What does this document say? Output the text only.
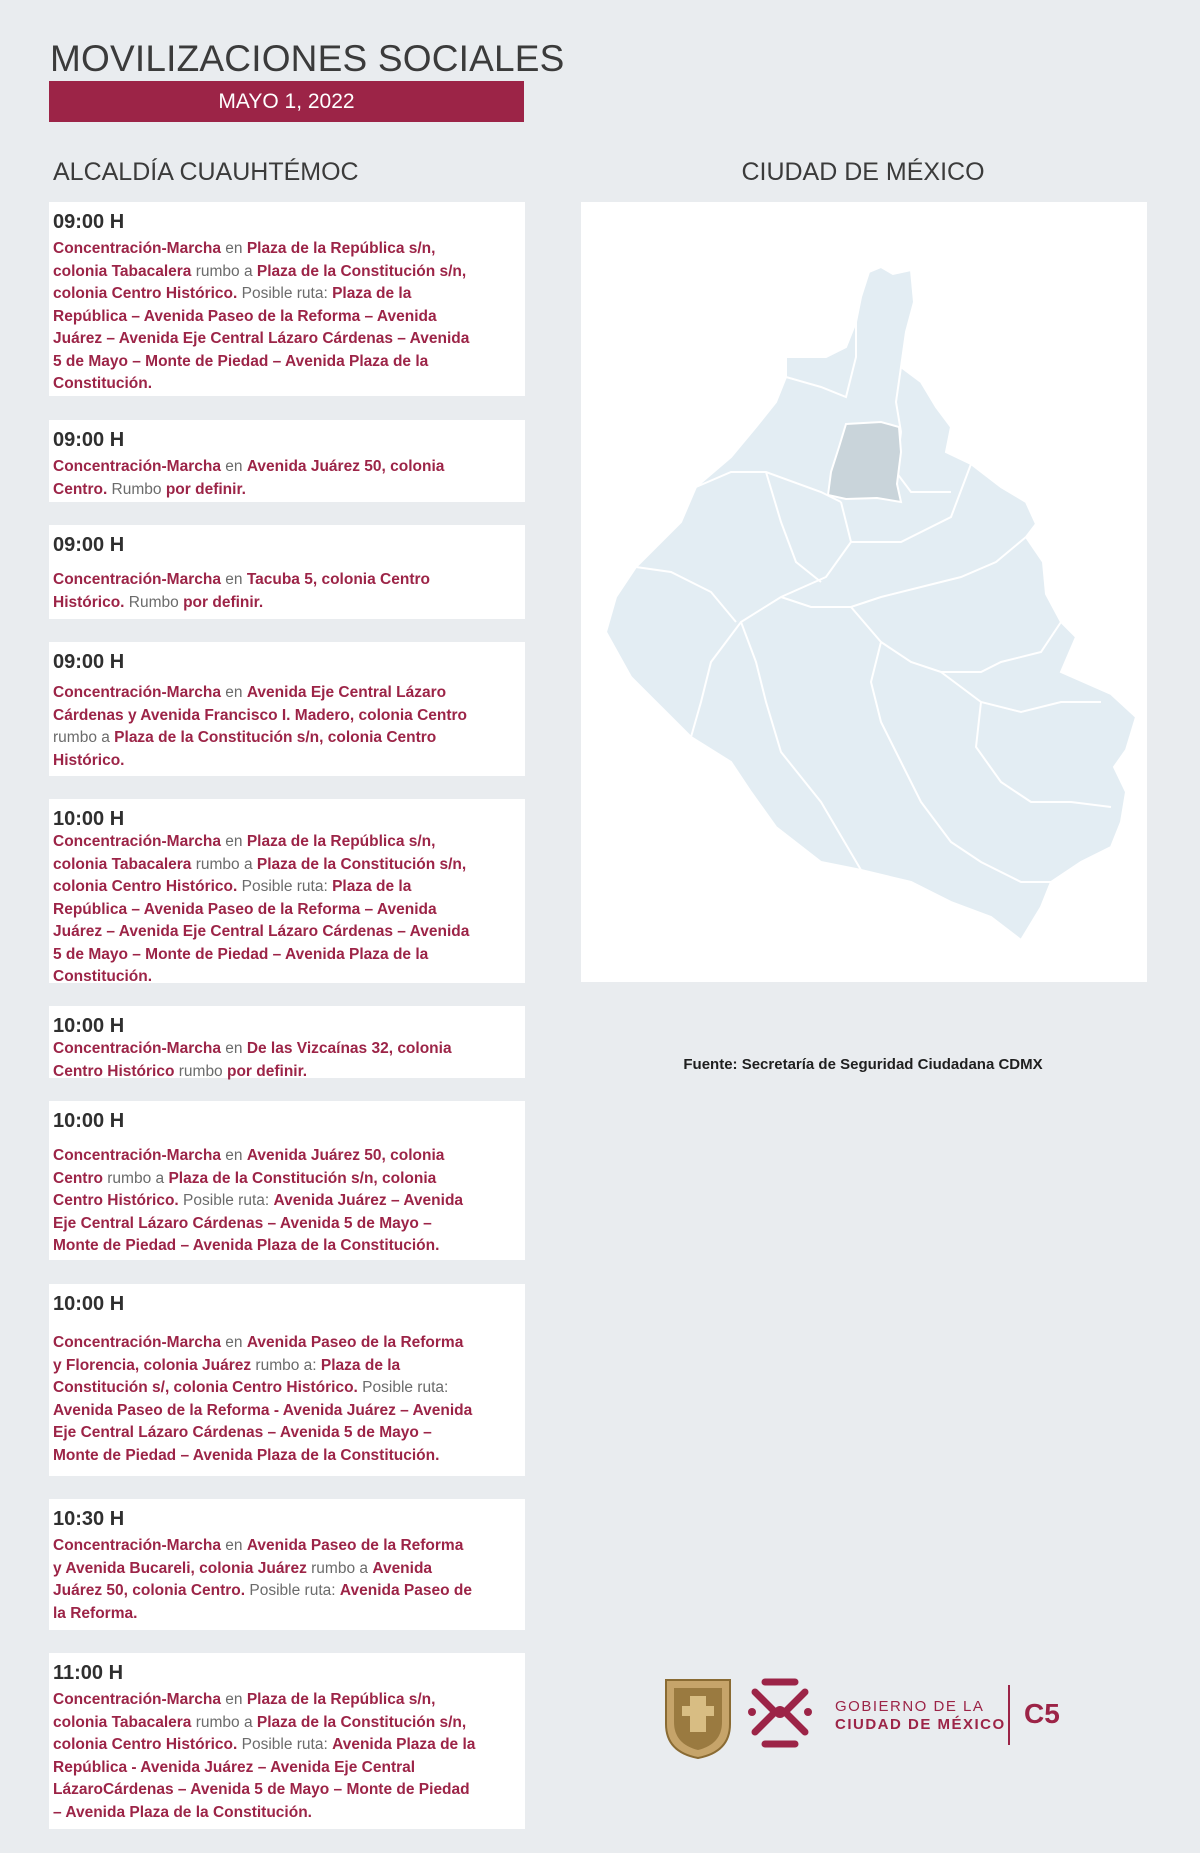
MOVILIZACIONES SOCIALES
MAYO 1, 2022
ALCALDÍA CUAUHTÉMOC	CIUDAD DE MÉXICO
09:00 H
Concentración-Marcha en Plaza de la República s/n,
colonia Tabacalera rumbo a Plaza de la Constitución s/n,
colonia Centro Histórico. Posible ruta: Plaza de la
República – Avenida Paseo de la Reforma – Avenida
Juárez – Avenida Eje Central Lázaro Cárdenas – Avenida
5 de Mayo – Monte de Piedad – Avenida Plaza de la
Constitución.
09:00 H
Concentración-Marcha en Avenida Juárez 50, colonia
Centro. Rumbo por definir.
09:00 H
Concentración-Marcha en Tacuba 5, colonia Centro
Histórico. Rumbo por definir.
09:00 H
Concentración-Marcha en Avenida Eje Central Lázaro
Cárdenas y Avenida Francisco I. Madero, colonia Centro
rumbo a Plaza de la Constitución s/n, colonia Centro
Histórico.
10:00 H
Concentración-Marcha en Plaza de la República s/n,
colonia Tabacalera rumbo a Plaza de la Constitución s/n,
colonia Centro Histórico. Posible ruta: Plaza de la
República – Avenida Paseo de la Reforma – Avenida
Juárez – Avenida Eje Central Lázaro Cárdenas – Avenida
5 de Mayo – Monte de Piedad – Avenida Plaza de la
Constitución.
10:00 H
Concentración-Marcha en De las Vizcaínas 32, colonia
Centro Histórico rumbo por definir.
10:00 H
Concentración-Marcha en Avenida Juárez 50, colonia
Centro rumbo a Plaza de la Constitución s/n, colonia
Centro Histórico. Posible ruta: Avenida Juárez – Avenida
Eje Central Lázaro Cárdenas – Avenida 5 de Mayo –
Monte de Piedad – Avenida Plaza de la Constitución.
10:00 H
Concentración-Marcha en Avenida Paseo de la Reforma
y Florencia, colonia Juárez rumbo a: Plaza de la
Constitución s/, colonia Centro Histórico. Posible ruta:
Avenida Paseo de la Reforma - Avenida Juárez – Avenida
Eje Central Lázaro Cárdenas – Avenida 5 de Mayo –
Monte de Piedad – Avenida Plaza de la Constitución.
10:30 H
Concentración-Marcha en Avenida Paseo de la Reforma
y Avenida Bucareli, colonia Juárez rumbo a Avenida
Juárez 50, colonia Centro. Posible ruta: Avenida Paseo de
la Reforma.
11:00 H
Concentración-Marcha en Plaza de la República s/n,
colonia Tabacalera rumbo a Plaza de la Constitución s/n,
colonia Centro Histórico. Posible ruta: Avenida Plaza de la
República - Avenida Juárez – Avenida Eje Central
LázaroCárdenas – Avenida 5 de Mayo – Monte de Piedad
– Avenida Plaza de la Constitución.
Fuente: Secretaría de Seguridad Ciudadana CDMX
GOBIERNO DE LA
CIUDAD DE MÉXICO C5
